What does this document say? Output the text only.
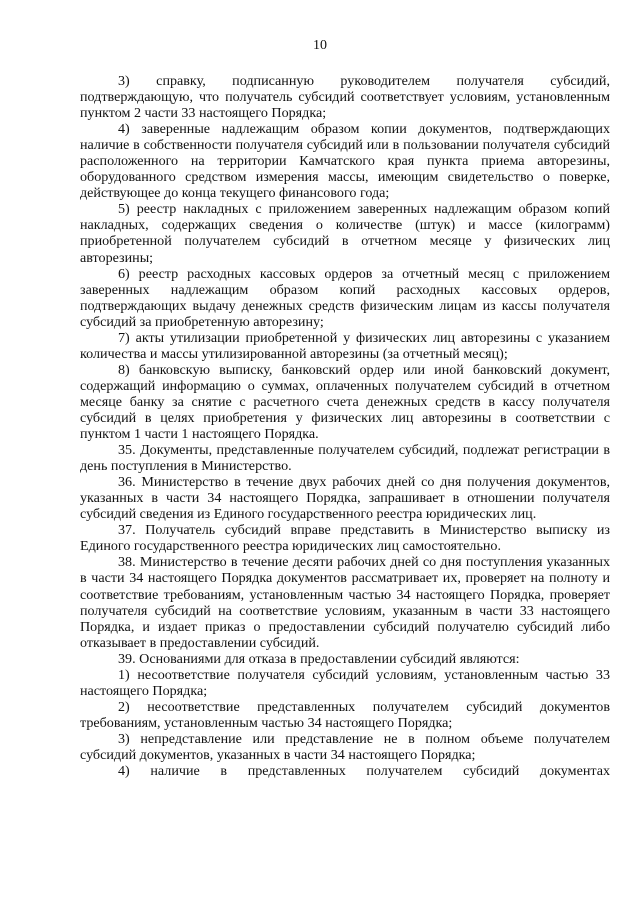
10

3) справку, подписанную руководителем получателя субсидий, подтверждающую, что получатель субсидий соответствует условиям, установленным пунктом 2 части 33 настоящего Порядка;

4) заверенные надлежащим образом копии документов, подтверждающих наличие в собственности получателя субсидий или в пользовании получателя субсидий расположенного на территории Камчатского края пункта приема авторезины, оборудованного средством измерения массы, имеющим свидетельство о поверке, действующее до конца текущего финансового года;

5) реестр накладных с приложением заверенных надлежащим образом копий накладных, содержащих сведения о количестве (штук) и массе (килограмм) приобретенной получателем субсидий в отчетном месяце у физических лиц авторезины;

6) реестр расходных кассовых ордеров за отчетный месяц с приложением заверенных надлежащим образом копий расходных кассовых ордеров, подтверждающих выдачу денежных средств физическим лицам из кассы получателя субсидий за приобретенную авторезину;

7) акты утилизации приобретенной у физических лиц авторезины с указанием количества и массы утилизированной авторезины (за отчетный месяц);

8) банковскую выписку, банковский ордер или иной банковский документ, содержащий информацию о суммах, оплаченных получателем субсидий в отчетном месяце банку за снятие с расчетного счета денежных средств в кассу получателя субсидий в целях приобретения у физических лиц авторезины в соответствии с пунктом 1 части 1 настоящего Порядка.

35. Документы, представленные получателем субсидий, подлежат регистрации в день поступления в Министерство.

36. Министерство в течение двух рабочих дней со дня получения документов, указанных в части 34 настоящего Порядка, запрашивает в отношении получателя субсидий сведения из Единого государственного реестра юридических лиц.

37. Получатель субсидий вправе представить в Министерство выписку из Единого государственного реестра юридических лиц самостоятельно.

38. Министерство в течение десяти рабочих дней со дня поступления указанных в части 34 настоящего Порядка документов рассматривает их, проверяет на полноту и соответствие требованиям, установленным частью 34 настоящего Порядка, проверяет получателя субсидий на соответствие условиям, указанным в части 33 настоящего Порядка, и издает приказ о предоставлении субсидий получателю субсидий либо отказывает в предоставлении субсидий.

39. Основаниями для отказа в предоставлении субсидий являются:

1) несоответствие получателя субсидий условиям, установленным частью 33 настоящего Порядка;

2) несоответствие представленных получателем субсидий документов требованиям, установленным частью 34 настоящего Порядка;

3) непредставление или представление не в полном объеме получателем субсидий документов, указанных в части 34 настоящего Порядка;

4) наличие в представленных получателем субсидий документах
